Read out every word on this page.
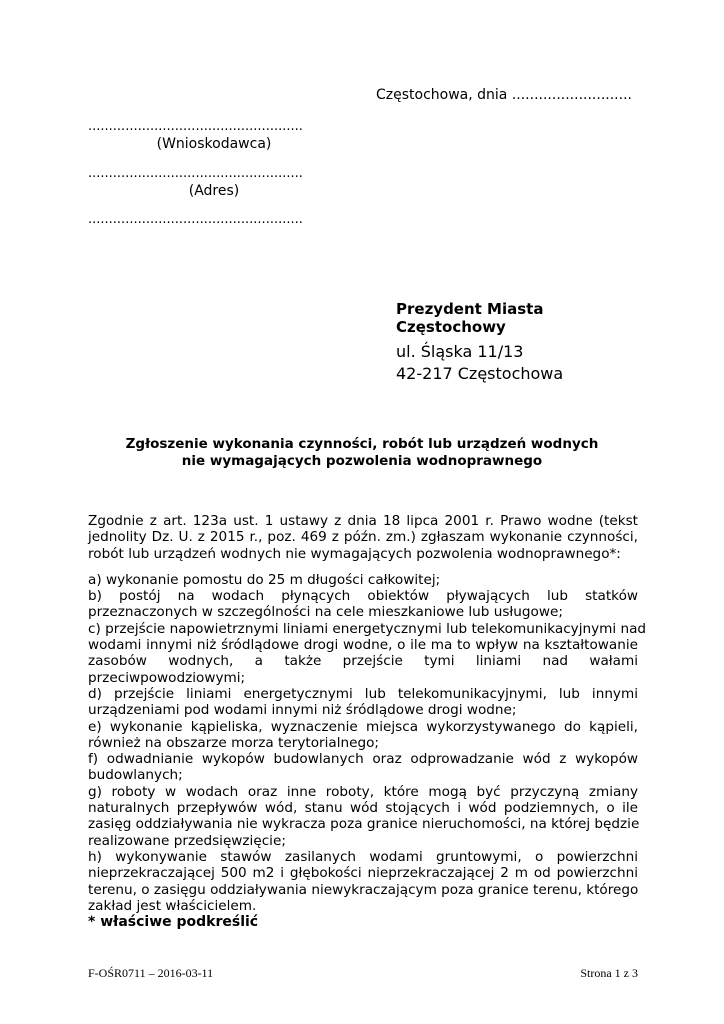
Częstochowa, dnia ...........................
....................................................
(Wnioskodawca)
....................................................
(Adres)
....................................................
Prezydent Miasta
Częstochowy
ul. Śląska 11/13
42-217 Częstochowa
Zgłoszenie wykonania czynności, robót lub urządzeń wodnych
nie wymagających pozwolenia wodnoprawnego
Zgodnie z art. 123a ust. 1 ustawy z dnia 18 lipca 2001 r. Prawo wodne (tekst
jednolity Dz. U. z 2015 r., poz. 469 z późn. zm.) zgłaszam wykonanie czynności,
robót lub urządzeń wodnych nie wymagających pozwolenia wodnoprawnego*:
a) wykonanie pomostu do 25 m długości całkowitej;
b) postój na wodach płynących obiektów pływających lub statków
przeznaczonych w szczególności na cele mieszkaniowe lub usługowe;
c) przejście napowietrznymi liniami energetycznymi lub telekomunikacyjnymi nad
wodami innymi niż śródlądowe drogi wodne, o ile ma to wpływ na kształtowanie
zasobów wodnych, a także przejście tymi liniami nad wałami
przeciwpowodziowymi;
d) przejście liniami energetycznymi lub telekomunikacyjnymi, lub innymi
urządzeniami pod wodami innymi niż śródlądowe drogi wodne;
e) wykonanie kąpieliska, wyznaczenie miejsca wykorzystywanego do kąpieli,
również na obszarze morza terytorialnego;
f) odwadnianie wykopów budowlanych oraz odprowadzanie wód z wykopów
budowlanych;
g) roboty w wodach oraz inne roboty, które mogą być przyczyną zmiany
naturalnych przepływów wód, stanu wód stojących i wód podziemnych, o ile
zasięg oddziaływania nie wykracza poza granice nieruchomości, na której będzie
realizowane przedsięwzięcie;
h) wykonywanie stawów zasilanych wodami gruntowymi, o powierzchni
nieprzekraczającej 500 m2 i głębokości nieprzekraczającej 2 m od powierzchni
terenu, o zasięgu oddziaływania niewykraczającym poza granice terenu, którego
zakład jest właścicielem.
* właściwe podkreślić
F-OŚR0711 – 2016-03-11	Strona 1 z 3
